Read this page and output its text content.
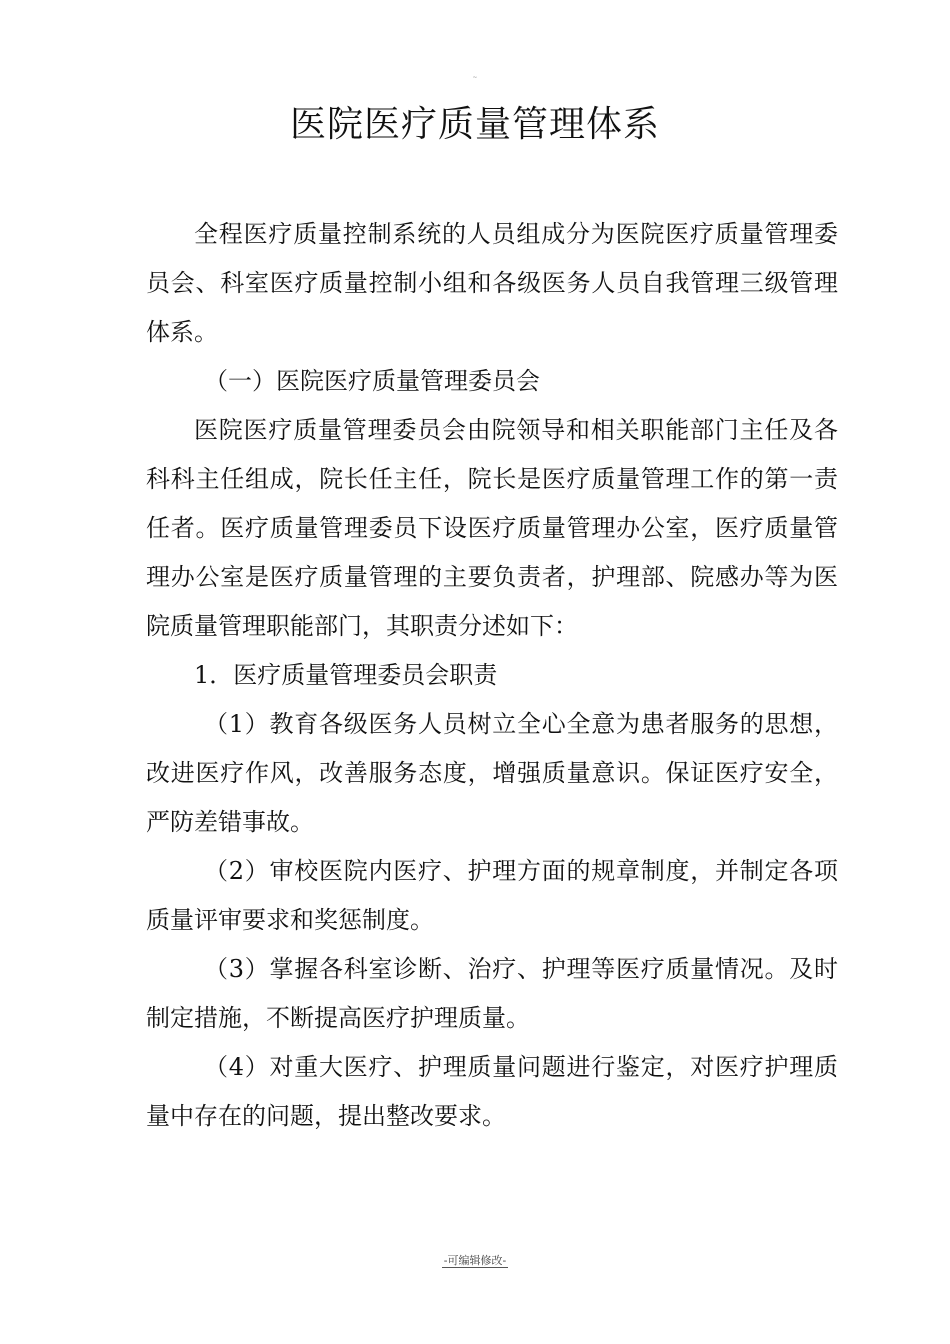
~
医院医疗质量管理体系

全程医疗质量控制系统的人员组成分为医院医疗质量管理委员会、科室医疗质量控制小组和各级医务人员自我管理三级管理体系。

（一）医院医疗质量管理委员会

医院医疗质量管理委员会由院领导和相关职能部门主任及各科科主任组成，院长任主任，院长是医疗质量管理工作的第一责任者。医疗质量管理委员下设医疗质量管理办公室，医疗质量管理办公室是医疗质量管理的主要负责者，护理部、院感办等为医院质量管理职能部门，其职责分述如下：

1．医疗质量管理委员会职责

（1）教育各级医务人员树立全心全意为患者服务的思想，改进医疗作风，改善服务态度，增强质量意识。保证医疗安全，严防差错事故。

（2）审校医院内医疗、护理方面的规章制度，并制定各项质量评审要求和奖惩制度。

（3）掌握各科室诊断、治疗、护理等医疗质量情况。及时制定措施，不断提高医疗护理质量。

（4）对重大医疗、护理质量问题进行鉴定，对医疗护理质量中存在的问题，提出整改要求。

-可编辑修改-
